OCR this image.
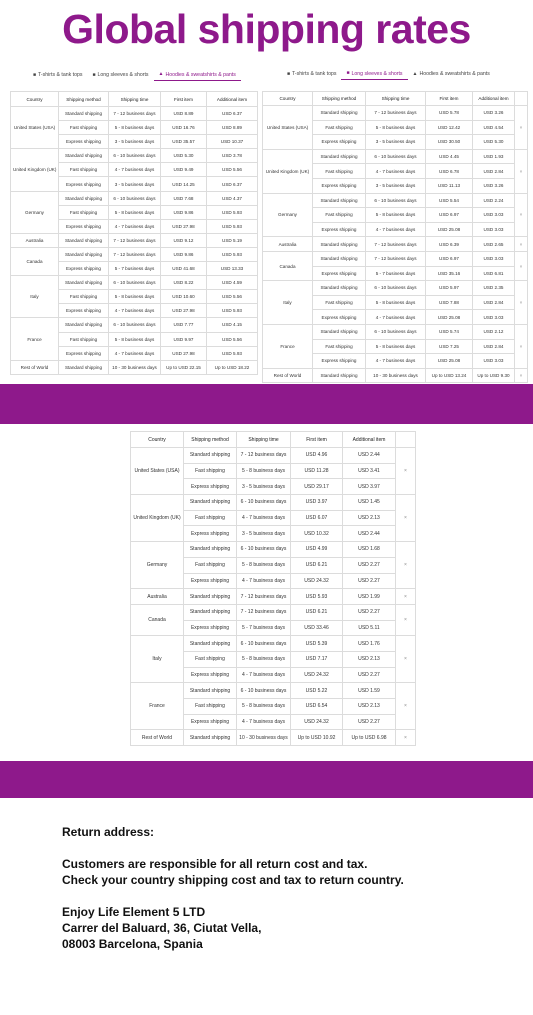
Global shipping rates
■ T-shirts & tank tops ■ Long sleeves & shorts ▲ Hoodies & sweatshirts & pants	■ T-shirts & tank tops ■ Long sleeves & shorts ▲ Hoodies & sweatshirts & pants
Country	Shipping method	Shipping time	First item	Additional item
United States (USA)	Standard shipping	7 - 12 business days	USD 8.89	USD 6.37
	Fast shipping	5 - 8 business days	USD 16.76	USD 8.89
	Express shipping	3 - 5 business days	USD 35.57	USD 10.37
United Kingdom (UK)	Standard shipping	6 - 10 business days	USD 5.30	USD 3.78
	Fast shipping	4 - 7 business days	USD 9.49	USD 5.56
	Express shipping	3 - 5 business days	USD 14.25	USD 6.37
Germany	Standard shipping	6 - 10 business days	USD 7.68	USD 4.37
	Fast shipping	5 - 8 business days	USD 9.86	USD 5.93
	Express shipping	4 - 7 business days	USD 27.98	USD 5.93
Australia	Standard shipping	7 - 12 business days	USD 9.12	USD 5.19
Canada	Standard shipping	7 - 12 business days	USD 9.86	USD 5.93
	Express shipping	5 - 7 business days	USD 41.68	USD 13.33
Italy	Standard shipping	6 - 10 business days	USD 8.22	USD 4.59
	Fast shipping	5 - 8 business days	USD 10.60	USD 5.56
	Express shipping	4 - 7 business days	USD 27.98	USD 5.93
France	Standard shipping	6 - 10 business days	USD 7.77	USD 4.15
	Fast shipping	5 - 8 business days	USD 9.97	USD 5.56
	Express shipping	4 - 7 business days	USD 27.98	USD 5.93
Rest of World	Standard shipping	10 - 30 business days	Up to USD 22.15	Up to USD 18.22
Country	Shipping method	Shipping time	First item	Additional item	
United States (USA)	Standard shipping	7 - 12 business days	USD 5.78	USD 3.26	×
	Fast shipping	5 - 8 business days	USD 12.42	USD 4.54	
	Express shipping	3 - 5 business days	USD 30.50	USD 5.30	
United Kingdom (UK)	Standard shipping	6 - 10 business days	USD 4.45	USD 1.93	×
	Fast shipping	4 - 7 business days	USD 6.78	USD 2.84	
	Express shipping	3 - 5 business days	USD 11.13	USD 3.26	
Germany	Standard shipping	6 - 10 business days	USD 5.54	USD 2.24	×
	Fast shipping	5 - 8 business days	USD 6.97	USD 3.03	
	Express shipping	4 - 7 business days	USD 25.08	USD 3.03	
Australia	Standard shipping	7 - 12 business days	USD 6.39	USD 2.65	×
Canada	Standard shipping	7 - 12 business days	USD 6.97	USD 3.03	×
	Express shipping	5 - 7 business days	USD 35.16	USD 6.81	
Italy	Standard shipping	6 - 10 business days	USD 5.97	USD 2.35	×
	Fast shipping	5 - 8 business days	USD 7.88	USD 2.84	
	Express shipping	4 - 7 business days	USD 25.08	USD 3.03	
France	Standard shipping	6 - 10 business days	USD 5.74	USD 2.12	×
	Fast shipping	5 - 8 business days	USD 7.25	USD 2.84	
	Express shipping	4 - 7 business days	USD 25.08	USD 3.03	
Rest of World	Standard shipping	10 - 30 business days	Up to USD 13.24	Up to USD 9.30	×
Country	Shipping method	Shipping time	First item	Additional item	
United States (USA)	Standard shipping	7 - 12 business days	USD 4.96	USD 2.44	×
	Fast shipping	5 - 8 business days	USD 11.28	USD 3.41	
	Express shipping	3 - 5 business days	USD 29.17	USD 3.97	
United Kingdom (UK)	Standard shipping	6 - 10 business days	USD 3.97	USD 1.45	×
	Fast shipping	4 - 7 business days	USD 6.07	USD 2.13	
	Express shipping	3 - 5 business days	USD 10.32	USD 2.44	
Germany	Standard shipping	6 - 10 business days	USD 4.99	USD 1.68	×
	Fast shipping	5 - 8 business days	USD 6.21	USD 2.27	
	Express shipping	4 - 7 business days	USD 24.32	USD 2.27	
Australia	Standard shipping	7 - 12 business days	USD 5.93	USD 1.99	×
Canada	Standard shipping	7 - 12 business days	USD 6.21	USD 2.27	×
	Express shipping	5 - 7 business days	USD 33.46	USD 5.11	
Italy	Standard shipping	6 - 10 business days	USD 5.39	USD 1.76	×
	Fast shipping	5 - 8 business days	USD 7.17	USD 2.13	
	Express shipping	4 - 7 business days	USD 24.32	USD 2.27	
France	Standard shipping	6 - 10 business days	USD 5.22	USD 1.59	×
	Fast shipping	5 - 8 business days	USD 6.54	USD 2.13	
	Express shipping	4 - 7 business days	USD 24.32	USD 2.27	
Rest of World	Standard shipping	10 - 30 business days	Up to USD 10.92	Up to USD 6.98	×
Return address:
Customers are responsible for all return cost and tax.
Check your country shipping cost and tax to return country.
Enjoy Life Element 5 LTD
Carrer del Baluard, 36, Ciutat Vella,
08003 Barcelona, Spania
